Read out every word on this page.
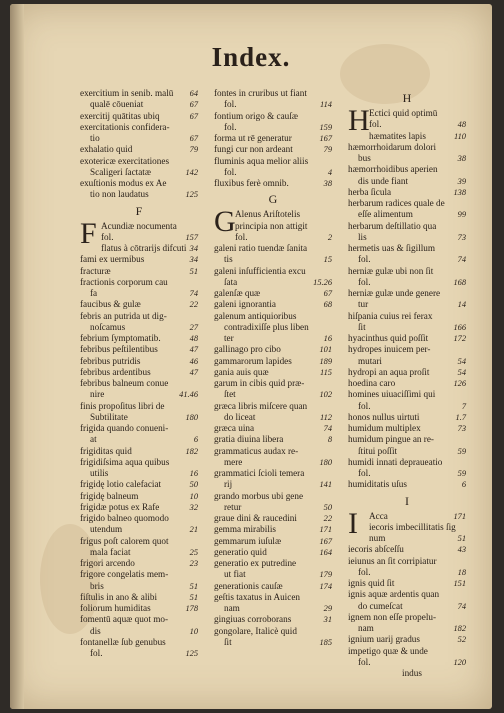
Index.
64
exercitium in senib. malū
67
qualē cōueniat
67
exercitij quātitas ubiq
exercitationis confidera-
67
tio
79
exhalatio quid
exotericæ exercitationes
142
Scaligeri ſactatæ
exuſtionis modus ex Ae
125
tio non laudatus
F
F Acundiæ nocumenta
157
fol.
34
flatus à cōtrarijs difcuti
34
fami ex uermibus
51
fracturæ
fractionis corporum cau
74
fa
22
faucibus & gulæ
febris an putrida ut dig-
27
noſcamus
48
febrium ſymptomatib.
47
febribus peſtilentibus
46
febribus putridis
47
febribus ardentibus
febribus balneum conue
41.46
nire
finis propoſitus libri de
180
Subtilitate
frigida quando conueni-
6
at
182
frigiditas quid
frigidiſsima aqua quibus
16
utilis
50
frigidę lotio calefaciat
10
frigidę balneum
32
frigidæ potus ex Rafe
frigido balneo quomodo
21
utendum
frigus poſt calorem quot
25
mala faciat
23
frigori arcendo
frigore congelatis mem-
51
bris
51
fiſtulis in ano & alibi
178
foliorum humiditas
fomentū aquæ quot mo-
10
dis
fontanellæ ſub genubus
125
fol.
fontes in cruribus ut fiant
114
fol.
fontium origo & cauſæ
159
fol.
167
forma ut rē generatur
79
fungi cur non ardeant
fluminis aqua melior aliis
4
fol.
38
fluxibus ferè omnib.
G
G Alenus Ariſtotelis
principia non attigit
2
fol.
galeni ratio tuendæ ſanita
15
tis
galeni inſufficientia excu
15.26
ſata
67
galenſæ quæ
68
galeni ignorantia
galenum antiquioribus
contradixiſſe plus liben
16
ter
101
gallinago pro cibo
189
gammarorum lapides
115
gania auis quæ
garum in cibis quid præ-
102
ſtet
græca libris miſcere quan
112
do liceat
74
græca uina
8
gratia diuina libera
grammaticus audax re-
180
mere
grammatici ſcioli temera
141
rij
grando morbus ubi gene
50
retur
22
graue dini & raucedini
171
gemma mirabilis
167
gemmarum iuſulæ
164
generatio quid
generatio ex putredine
179
ut fiat
174
generationis cauſæ
geſtis taxatus in Auicen
29
nam
31
gingiuas corroborans
gongolare, Italicè quid
185
ſit
H
H Ectici quid optimū
48
fol.
110
hæmatites lapis
hæmorrhoidarum dolori
38
bus
hæmorrhoidibus aperien
39
dis unde fiant
138
herba ſicula
herbarum radices quale de
99
eſſe alimentum
herbarum deſtillatio qua
73
lis
hermetis uas & ſigillum
74
fol.
herniæ gulæ ubi non ſit
168
fol.
herniæ gulæ unde genere
14
tur
hiſpania cuius rei ferax
166
ſit
172
hyacinthus quid poſſit
hydropes inuicem per-
54
mutari
54
hydropi an aqua proſit
126
hoedina caro
homines uiuaciſſimi qui
7
fol.
1.7
honos nullus uirtuti
73
humidum multiplex
humidum pingue an re-
59
ſtitui poſſit
humidi innati depraueatio
59
fol.
6
humiditatis uſus
I
I	171
Acca
iecoris imbecillitatis ſig
51
num
43
iecoris abſceſſu
ieiunus an ſit corripiatur
18
fol.
151
ignis quid ſit
ignis aquæ ardentis quan
74
do cumeſcat
ignem non eſſe propelu-
182
nam
52
ignium uarij gradus
impetigo quæ & unde
120
fol.
indus
